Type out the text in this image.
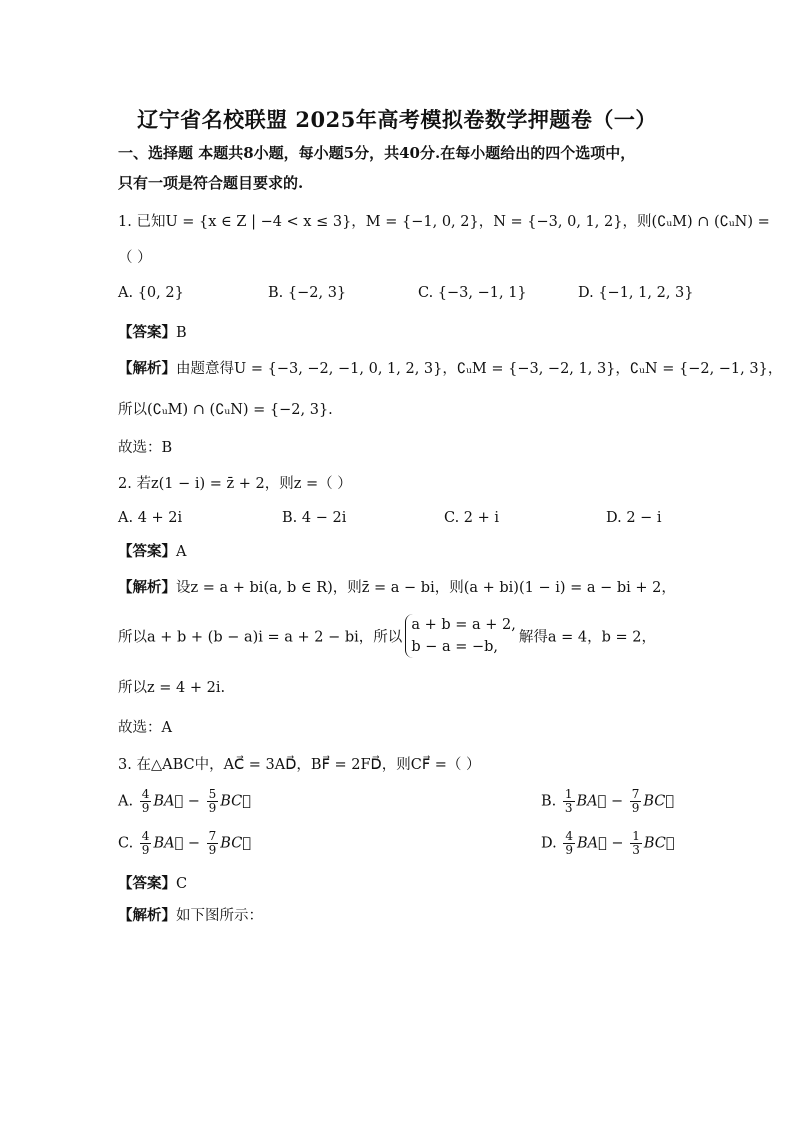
辽宁省名校联盟 2025年高考模拟卷数学押题卷（一）
一、选择题 本题共8小题，每小题5分，共40分.在每小题给出的四个选项中，
只有一项是符合题目要求的.
1. 已知U = {x ∈ Z | −4 < x ≤ 3}，M = {−1, 0, 2}，N = {−3, 0, 1, 2}，则(∁ᵤM) ∩ (∁ᵤN) =
（ ）
A. {0, 2}	B. {−2, 3}	C. {−3, −1, 1}	D. {−1, 1, 2, 3}
【答案】B
【解析】由题意得U = {−3, −2, −1, 0, 1, 2, 3}，∁ᵤM = {−3, −2, 1, 3}，∁ᵤN = {−2, −1, 3}，
所以(∁ᵤM) ∩ (∁ᵤN) = {−2, 3}.
故选：B
2. 若z(1 − i) = z̄ + 2，则z =（ ）
A. 4 + 2i	B. 4 − 2i	C. 2 + i	D. 2 − i
【答案】A
【解析】设z = a + bi(a, b ∈ R)，则z̄ = a − bi，则(a + bi)(1 − i) = a − bi + 2，
所以a + b + (b − a)i = a + 2 − bi，所以
a + b = a + 2,
b − a = −b,
解得a = 4，b = 2，
所以z = 4 + 2i.
故选：A
3. 在△ABC中，AC⃗ = 3AD⃗，BF⃗ = 2FD⃗，则CF⃗ =（ ）
A. $\frac{4}{9}$ BA⃗ − $\frac{5}{9}$ BC⃗	B. $\frac{1}{3}$ BA⃗ − $\frac{7}{9}$ BC⃗
C. $\frac{4}{9}$ BA⃗ − $\frac{7}{9}$ BC⃗	D. $\frac{4}{9}$ BA⃗ − $\frac{1}{3}$ BC⃗
【答案】C
【解析】如下图所示：
